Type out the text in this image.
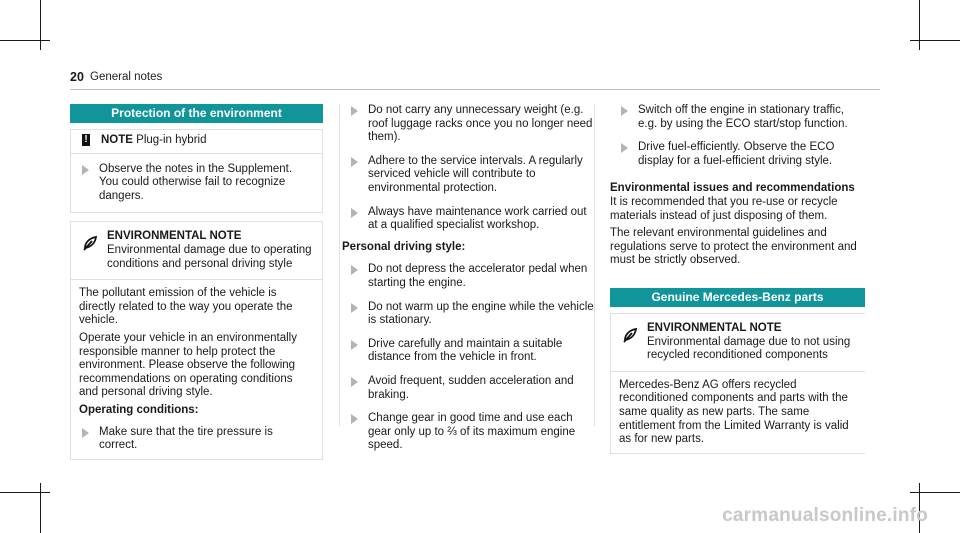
20 General notes
Protection of the environment
! NOTE Plug-in hybrid
Observe the notes in the Supplement. You could otherwise fail to recognize dangers.
ENVIRONMENTAL NOTE Environmental damage due to operating conditions and personal driving style

The pollutant emission of the vehicle is directly related to the way you operate the vehicle.

Operate your vehicle in an environmentally responsible manner to help protect the environment. Please observe the following recommendations on operating conditions and personal driving style.

Operating conditions:

Make sure that the tire pressure is correct.
Do not carry any unnecessary weight (e.g. roof luggage racks once you no longer need them).
Adhere to the service intervals. A regularly serviced vehicle will contribute to environmental protection.
Always have maintenance work carried out at a qualified specialist workshop.
Personal driving style:
Do not depress the accelerator pedal when starting the engine.
Do not warm up the engine while the vehicle is stationary.
Drive carefully and maintain a suitable distance from the vehicle in front.
Avoid frequent, sudden acceleration and braking.
Change gear in good time and use each gear only up to ⅔ of its maximum engine speed.
Switch off the engine in stationary traffic, e.g. by using the ECO start/stop function.
Drive fuel-efficiently. Observe the ECO display for a fuel-efficient driving style.
Environmental issues and recommendations

It is recommended that you re-use or recycle materials instead of just disposing of them.

The relevant environmental guidelines and regulations serve to protect the environment and must be strictly observed.

Genuine Mercedes-Benz parts
ENVIRONMENTAL NOTE Environmental damage due to not using recycled reconditioned components

Mercedes-Benz AG offers recycled reconditioned components and parts with the same quality as new parts. The same entitlement from the Limited Warranty is valid as for new parts.

carmanualsonline.info
